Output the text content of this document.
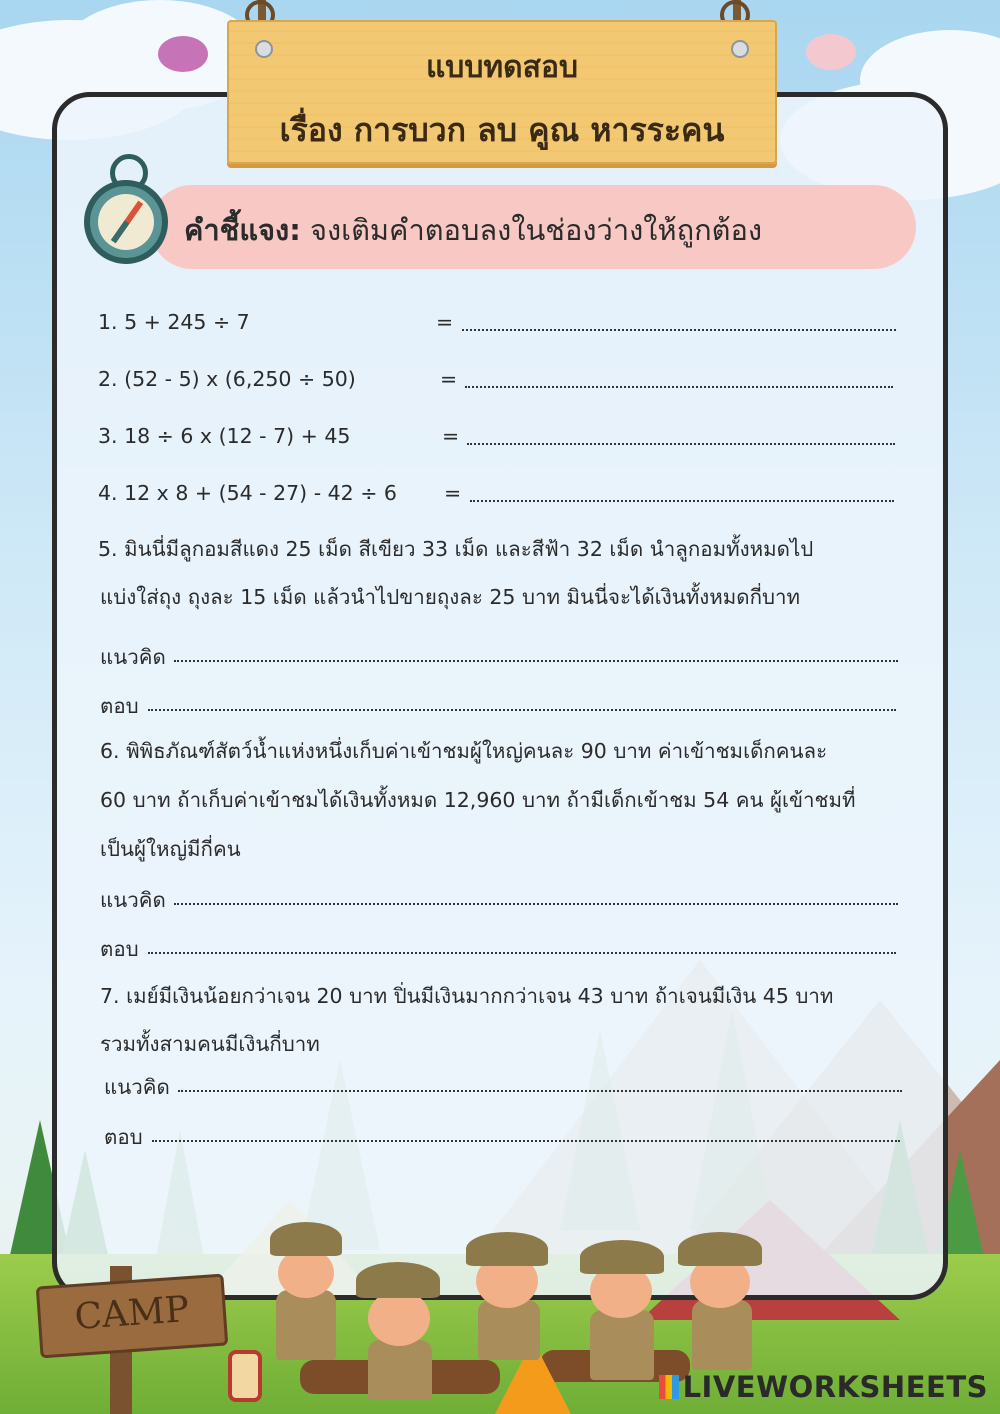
แบบทดสอบ
เรื่อง การบวก ลบ คูณ หารระคน
คำชี้แจง: จงเติมคำตอบลงในช่องว่างให้ถูกต้อง
1. 5 + 245 ÷ 7	=
2. (52 - 5) x (6,250 ÷ 50)	=
3. 18 ÷ 6 x (12 - 7) + 45	=
4. 12 x 8 + (54 - 27) - 42 ÷ 6 =
5. มินนี่มีลูกอมสีแดง 25 เม็ด สีเขียว 33 เม็ด และสีฟ้า 32 เม็ด นำลูกอมทั้งหมดไป
แบ่งใส่ถุง ถุงละ 15 เม็ด แล้วนำไปขายถุงละ 25 บาท มินนี่จะได้เงินทั้งหมดกี่บาท
แนวคิด
ตอบ
6. พิพิธภัณฑ์สัตว์น้ำแห่งหนึ่งเก็บค่าเข้าชมผู้ใหญ่คนละ 90 บาท ค่าเข้าชมเด็กคนละ
60 บาท ถ้าเก็บค่าเข้าชมได้เงินทั้งหมด 12,960 บาท ถ้ามีเด็กเข้าชม 54 คน ผู้เข้าชมที่
เป็นผู้ใหญ่มีกี่คน
แนวคิด
ตอบ
7. เมย์มีเงินน้อยกว่าเจน 20 บาท ปิ่นมีเงินมากกว่าเจน 43 บาท ถ้าเจนมีเงิน 45 บาท
รวมทั้งสามคนมีเงินกี่บาท
แนวคิด
ตอบ
CAMP
LIVEWORKSHEETS
